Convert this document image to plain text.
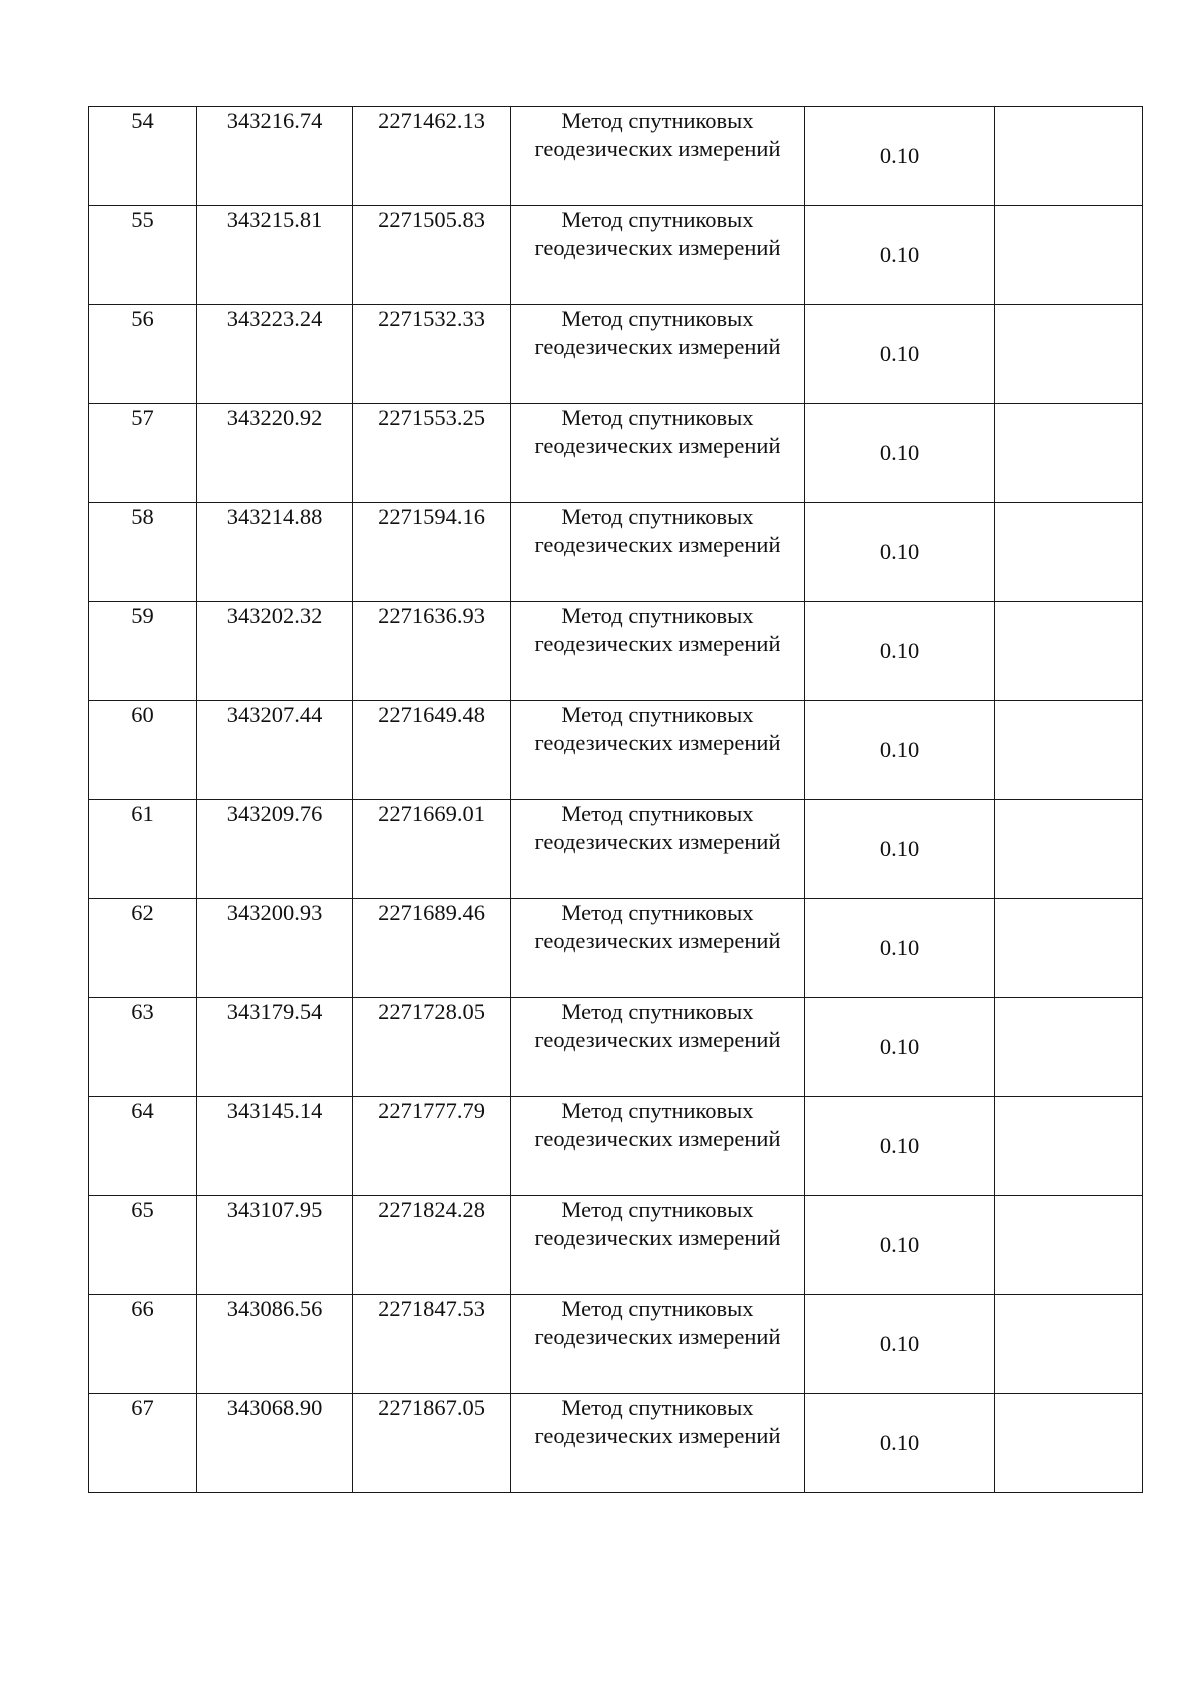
54	343216.74	2271462.13	Метод спутниковых
геодезических измерений	0.10	
55	343215.81	2271505.83	Метод спутниковых
геодезических измерений	0.10	
56	343223.24	2271532.33	Метод спутниковых
геодезических измерений	0.10	
57	343220.92	2271553.25	Метод спутниковых
геодезических измерений	0.10	
58	343214.88	2271594.16	Метод спутниковых
геодезических измерений	0.10	
59	343202.32	2271636.93	Метод спутниковых
геодезических измерений	0.10	
60	343207.44	2271649.48	Метод спутниковых
геодезических измерений	0.10	
61	343209.76	2271669.01	Метод спутниковых
геодезических измерений	0.10	
62	343200.93	2271689.46	Метод спутниковых
геодезических измерений	0.10	
63	343179.54	2271728.05	Метод спутниковых
геодезических измерений	0.10	
64	343145.14	2271777.79	Метод спутниковых
геодезических измерений	0.10	
65	343107.95	2271824.28	Метод спутниковых
геодезических измерений	0.10	
66	343086.56	2271847.53	Метод спутниковых
геодезических измерений	0.10	
67	343068.90	2271867.05	Метод спутниковых
геодезических измерений	0.10	
